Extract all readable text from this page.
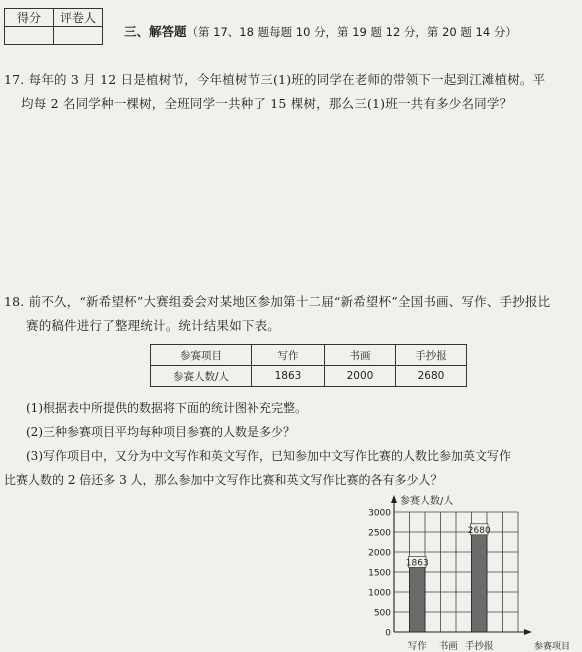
得分	评卷人

三、解答题（第 17、18 题每题 10 分，第 19 题 12 分，第 20 题 14 分）
17. 每年的 3 月 12 日是植树节，今年植树节三(1)班的同学在老师的带领下一起到江滩植树。平
均每 2 名同学种一棵树，全班同学一共种了 15 棵树，那么三(1)班一共有多少名同学？
18. 前不久，“新希望杯”大赛组委会对某地区参加第十二届“新希望杯”全国书画、写作、手抄报比
赛的稿件进行了整理统计。统计结果如下表。
参赛项目	写作	书画	手抄报
参赛人数/人	1863	2000	2680
(1)根据表中所提供的数据将下面的统计图补充完整。
(2)三种参赛项目平均每种项目参赛的人数是多少？
(3)写作项目中，又分为中文写作和英文写作，已知参加中文写作比赛的人数比参加英文写作
比赛人数的 2 倍还多 3 人，那么参加中文写作比赛和英文写作比赛的各有多少人？
0
500
1000
1500
2000
2500
3000
参赛人数/人
参赛项目
1863
写作 书画
2680
手抄报
